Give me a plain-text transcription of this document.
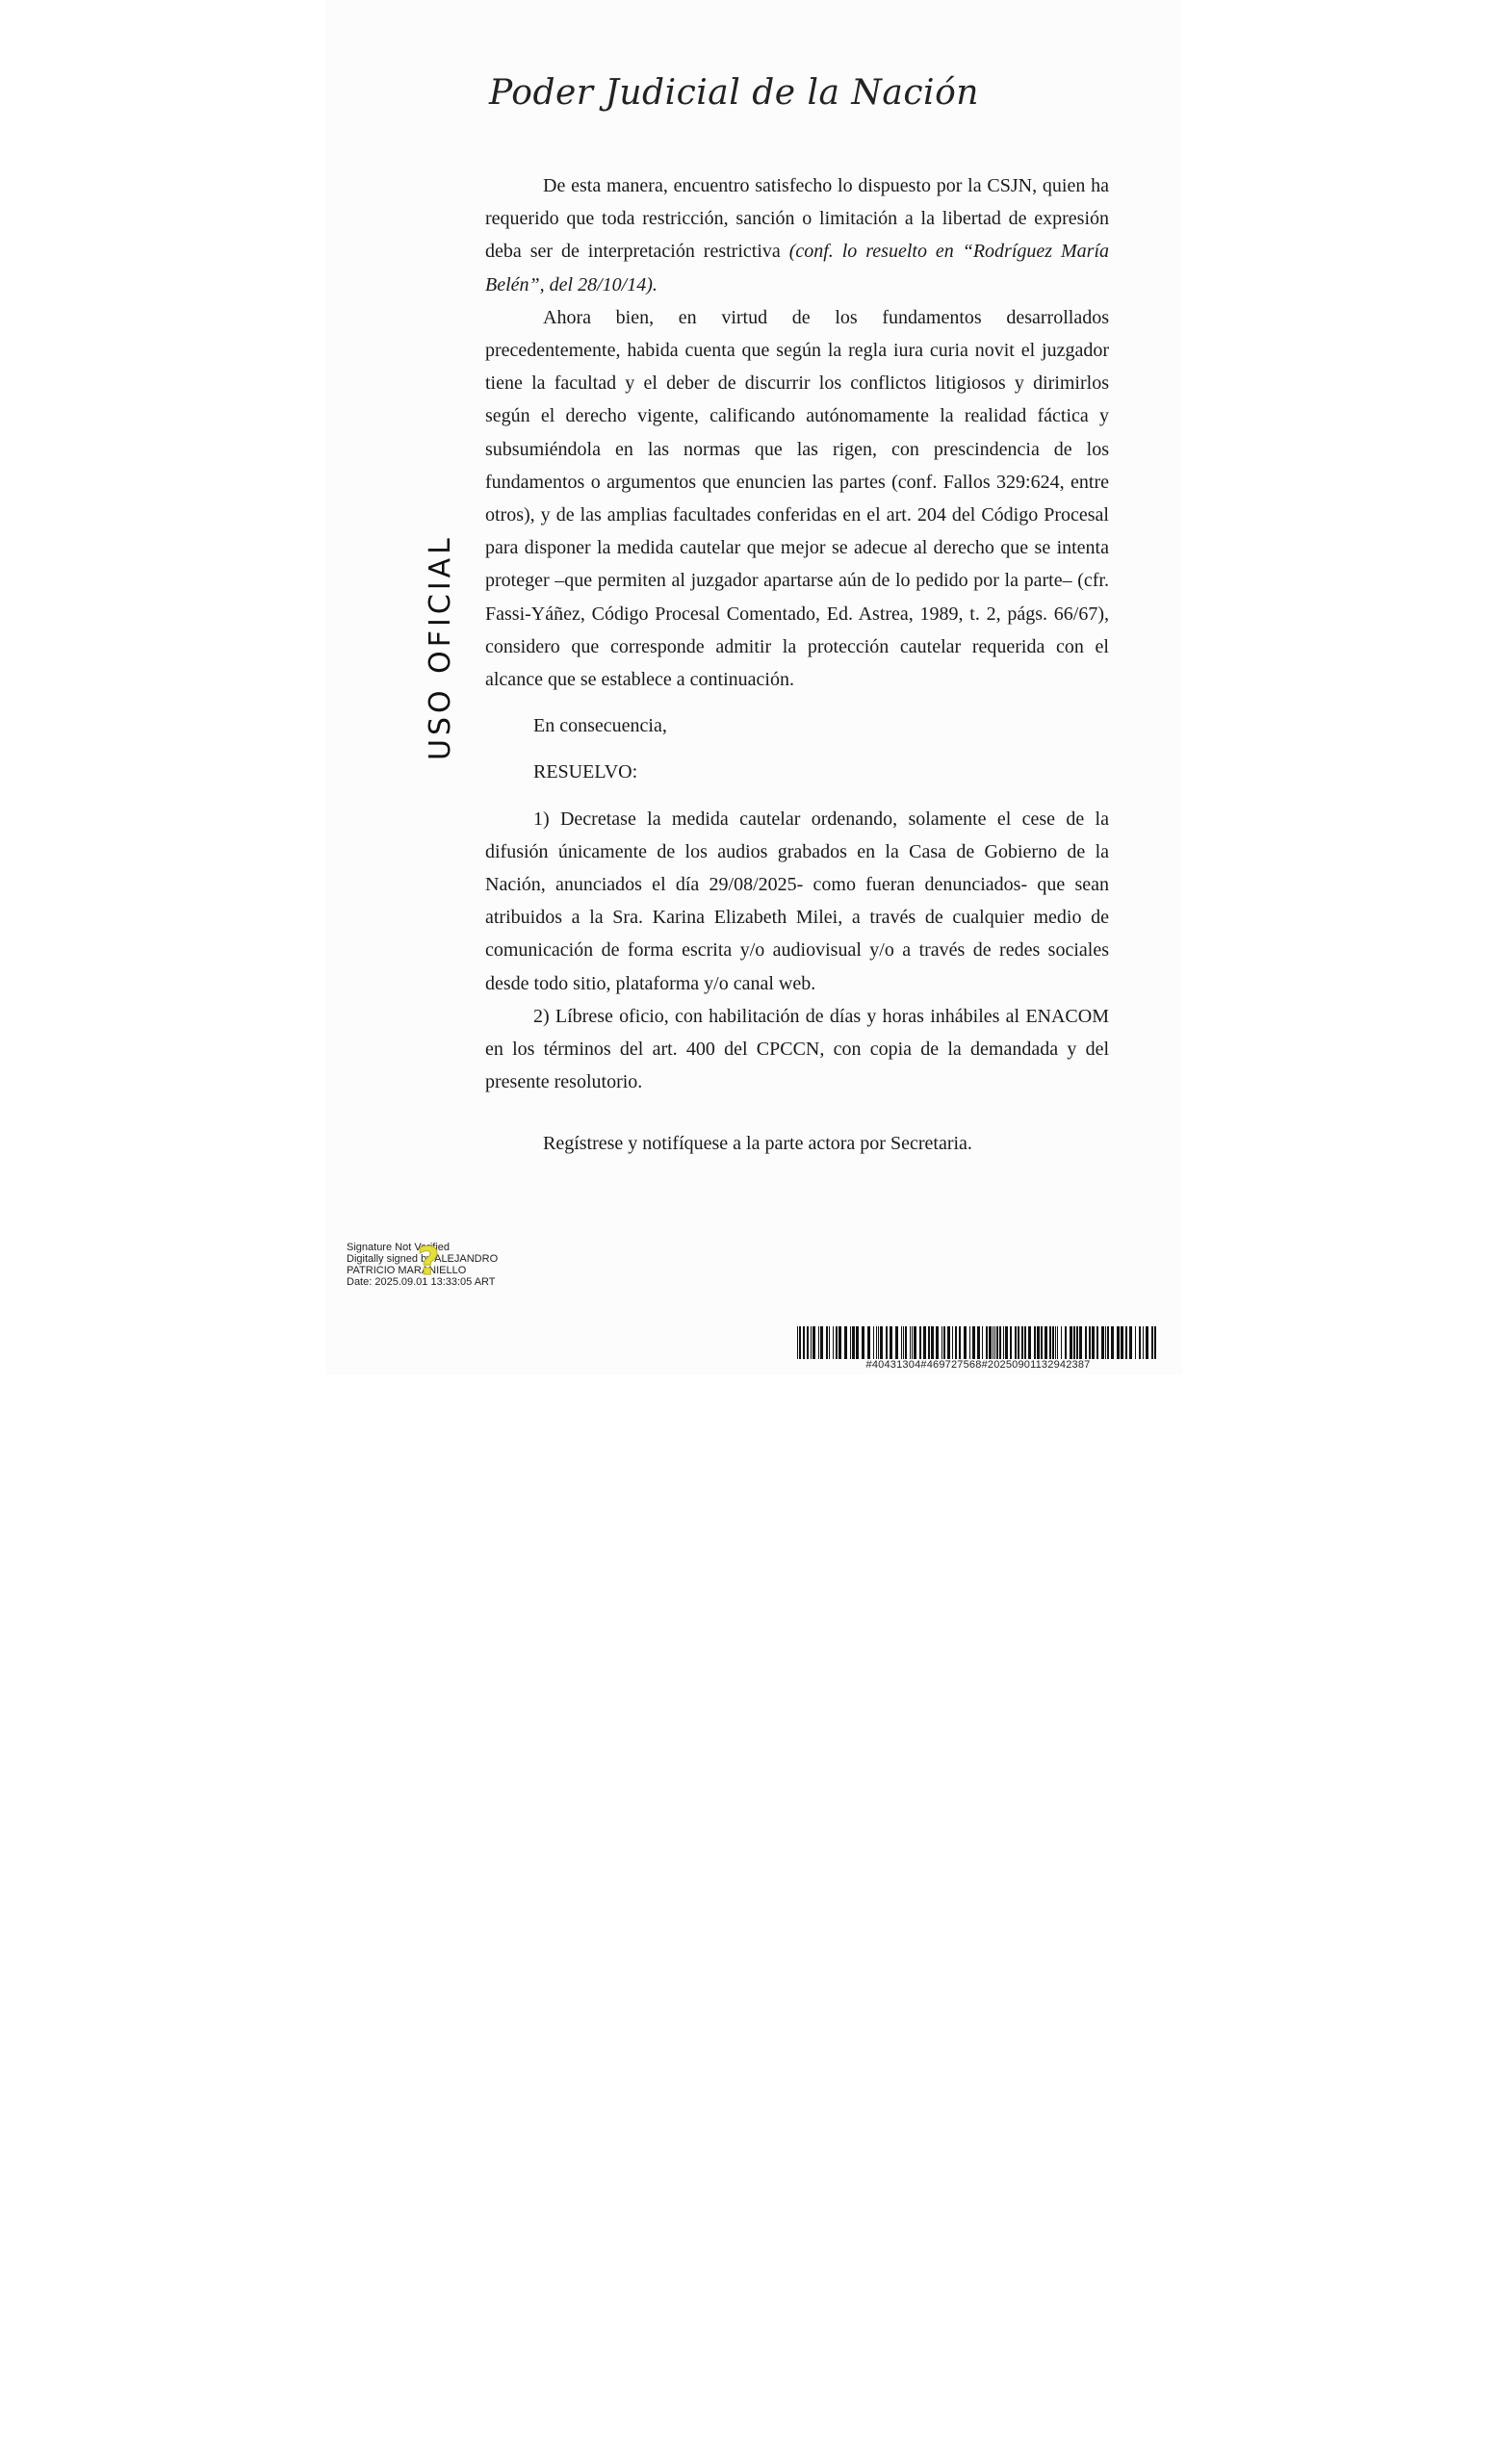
Poder Judicial de la Nación
USO OFICIAL

De esta manera, encuentro satisfecho lo dispuesto por la CSJN, quien ha requerido que toda restricción, sanción o limitación a la libertad de expresión deba ser de interpretación restrictiva (conf. lo resuelto en “Rodríguez María Belén”, del 28/10/14).

Ahora bien, en virtud de los fundamentos desarrollados precedentemente, habida cuenta que según la regla iura curia novit el juzgador tiene la facultad y el deber de discurrir los conflictos litigiosos y dirimirlos según el derecho vigente, calificando autónomamente la realidad fáctica y subsumiéndola en las normas que las rigen, con prescindencia de los fundamentos o argumentos que enuncien las partes (conf. Fallos 329:624, entre otros), y de las amplias facultades conferidas en el art. 204 del Código Procesal para disponer la medida cautelar que mejor se adecue al derecho que se intenta proteger –que permiten al juzgador apartarse aún de lo pedido por la parte– (cfr. Fassi-Yáñez, Código Procesal Comentado, Ed. Astrea, 1989, t. 2, págs. 66/67), considero que corresponde admitir la protección cautelar requerida con el alcance que se establece a continuación.

En consecuencia,

RESUELVO:

1) Decretase la medida cautelar ordenando, solamente el cese de la difusión únicamente de los audios grabados en la Casa de Gobierno de la Nación, anunciados el día 29/08/2025- como fueran denunciados- que sean atribuidos a la Sra. Karina Elizabeth Milei, a través de cualquier medio de comunicación de forma escrita y/o audiovisual y/o a través de redes sociales desde todo sitio, plataforma y/o canal web.

2) Líbrese oficio, con habilitación de días y horas inhábiles al ENACOM en los términos del art. 400 del CPCCN, con copia de la demandada y del presente resolutorio.

Regístrese y notifíquese a la parte actora por Secretaria.

Signature Not Verified
Digitally signed by ALEJANDRO
PATRICIO MARANIELLO
Date: 2025.09.01 13:33:05 ART
?
#40431304#469727568#20250901132942387
